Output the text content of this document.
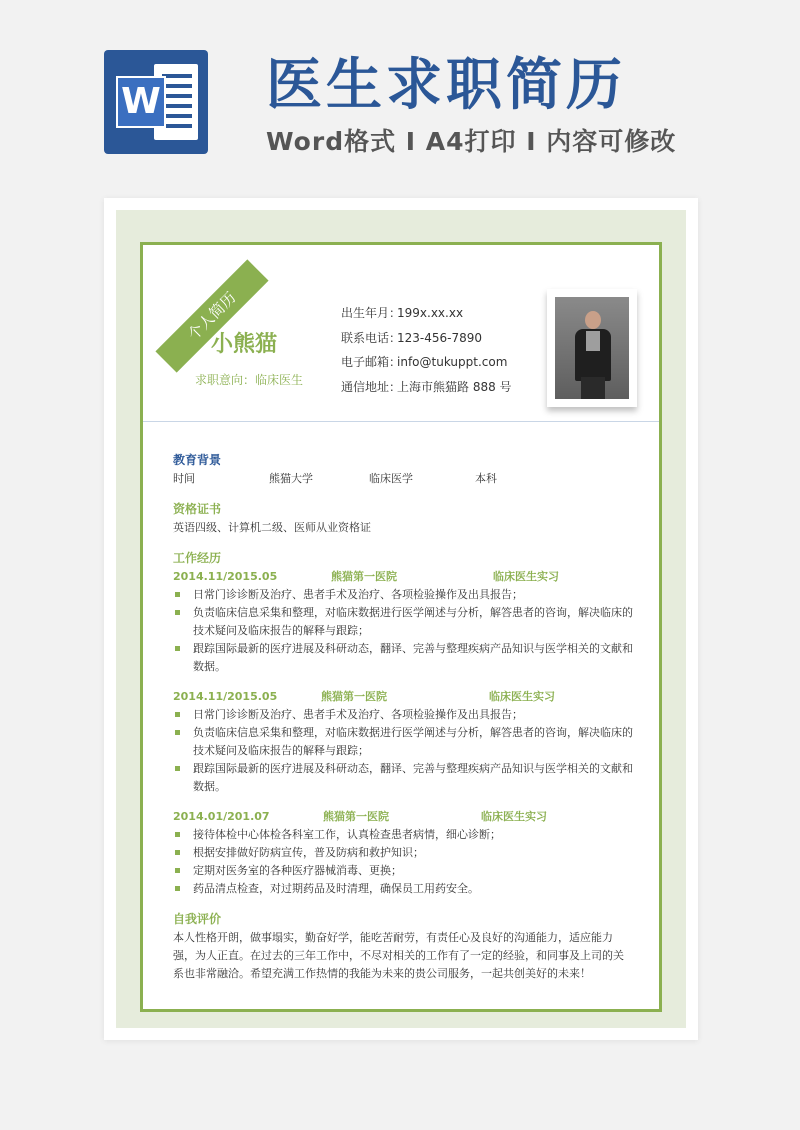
W 医生求职简历
Word格式 I A4打印 I 内容可修改
个人简历
小熊猫
求职意向：临床医生
出生年月：199x.xx.xx
联系电话：123-456-7890
电子邮箱：info@tukuppt.com
通信地址：上海市熊猫路 888 号
教育背景
时间	熊猫大学	临床医学	本科
资格证书
英语四级、计算机二级、医师从业资格证
工作经历
2014.11/2015.05	熊猫第一医院	临床医生实习
日常门诊诊断及治疗、患者手术及治疗、各项检验操作及出具报告；
负责临床信息采集和整理，对临床数据进行医学阐述与分析，解答患者的咨询，解决临床的技术疑问及临床报告的解释与跟踪；
跟踪国际最新的医疗进展及科研动态，翻译、完善与整理疾病产品知识与医学相关的文献和数据。
2014.11/2015.05	熊猫第一医院	临床医生实习
日常门诊诊断及治疗、患者手术及治疗、各项检验操作及出具报告；
负责临床信息采集和整理，对临床数据进行医学阐述与分析，解答患者的咨询，解决临床的技术疑问及临床报告的解释与跟踪；
跟踪国际最新的医疗进展及科研动态，翻译、完善与整理疾病产品知识与医学相关的文献和数据。
2014.01/201.07	熊猫第一医院	临床医生实习
接待体检中心体检各科室工作，认真检查患者病情，细心诊断；
根据安排做好防病宣传，普及防病和救护知识；
定期对医务室的各种医疗器械消毒、更换；
药品清点检查，对过期药品及时清理，确保员工用药安全。
自我评价
本人性格开朗，做事塌实，勤奋好学，能吃苦耐劳，有责任心及良好的沟通能力，适应能力强，为人正直。在过去的三年工作中，不尽对相关的工作有了一定的经验，和同事及上司的关系也非常融洽。希望充满工作热情的我能为未来的贵公司服务，一起共创美好的未来！
